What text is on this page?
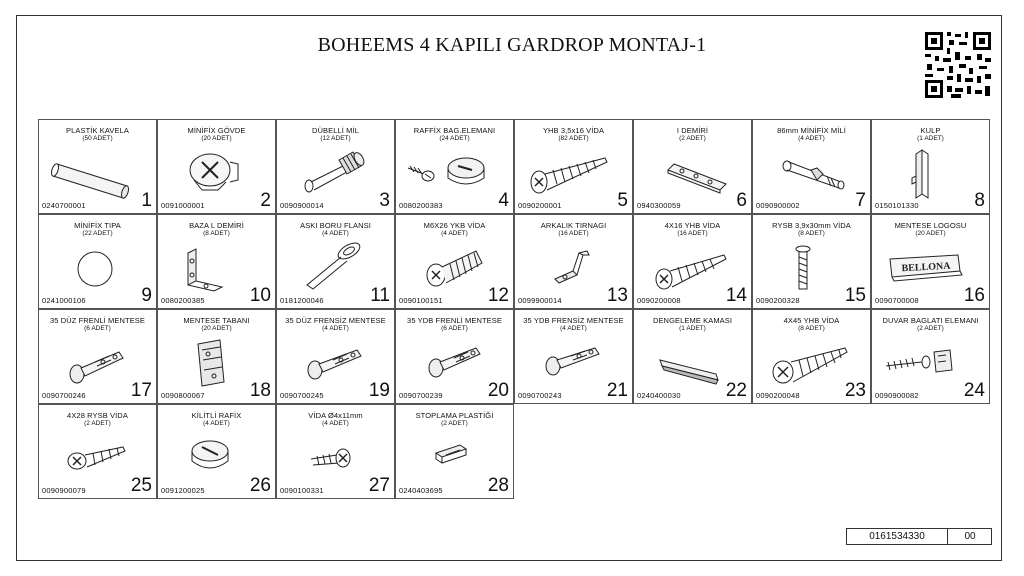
BOHEEMS 4 KAPILI GARDROP MONTAJ-1
PLASTİK KAVELA
(50 ADET)
0240700001	1
MİNİFİX GÖVDE
(20 ADET)
0091000001	2
DÜBELLİ MİL
(12 ADET)
0090900014	3
RAFFİX BAG.ELEMANI
(24 ADET)
0080200383	4
YHB 3,5x16 VİDA
(82 ADET)
0090200001	5
I DEMİRİ
(2 ADET)
0940300059	6
86mm MİNİFİX MİLİ
(4 ADET)
0090900002	7
KULP
(1 ADET)
0150101330	8
MİNİFİX TIPA
(22 ADET)
0241000106	9
BAZA L DEMİRİ
(8 ADET)
0080200385 10
ASKI BORU FLANSI
(4 ADET)
0181200046 11
M6X26 YKB VİDA
(4 ADET)
0090100151 12
ARKALIK TIRNAGI
(16 ADET)
0099900014 13
4X16 YHB VİDA
(16 ADET)
0090200008 14
RYSB 3,9x30mm VİDA
(8 ADET)
0090200328 15
MENTESE LOGOSU
(20 ADET)
BELLONA
0090700008 16
35 DÜZ FRENLİ MENTESE
(6 ADET)
0090700246 17
MENTESE TABANI
(20 ADET)
0090800067 18
35 DÜZ FRENSİZ MENTESE
(4 ADET)
0090700245 19
35 YDB FRENLİ MENTESE
(6 ADET)
0090700239 20
35 YDB FRENSİZ MENTESE
(4 ADET)
0090700243 21
DENGELEME KAMASI
(1 ADET)
0240400030 22
4X45 YHB VİDA
(8 ADET)
0090200048 23
DUVAR BAGLATI ELEMANI
(2 ADET)
0090900082 24
4X28 RYSB VİDA
(2 ADET)
0090900079 25
KİLİTLİ RAFİX
(4 ADET)
0091200025 26
VİDA Ø4x11mm
(4 ADET)
0090100331 27
STOPLAMA PLASTİĞİ
(2 ADET)
0240403695 28
0161534330	00
